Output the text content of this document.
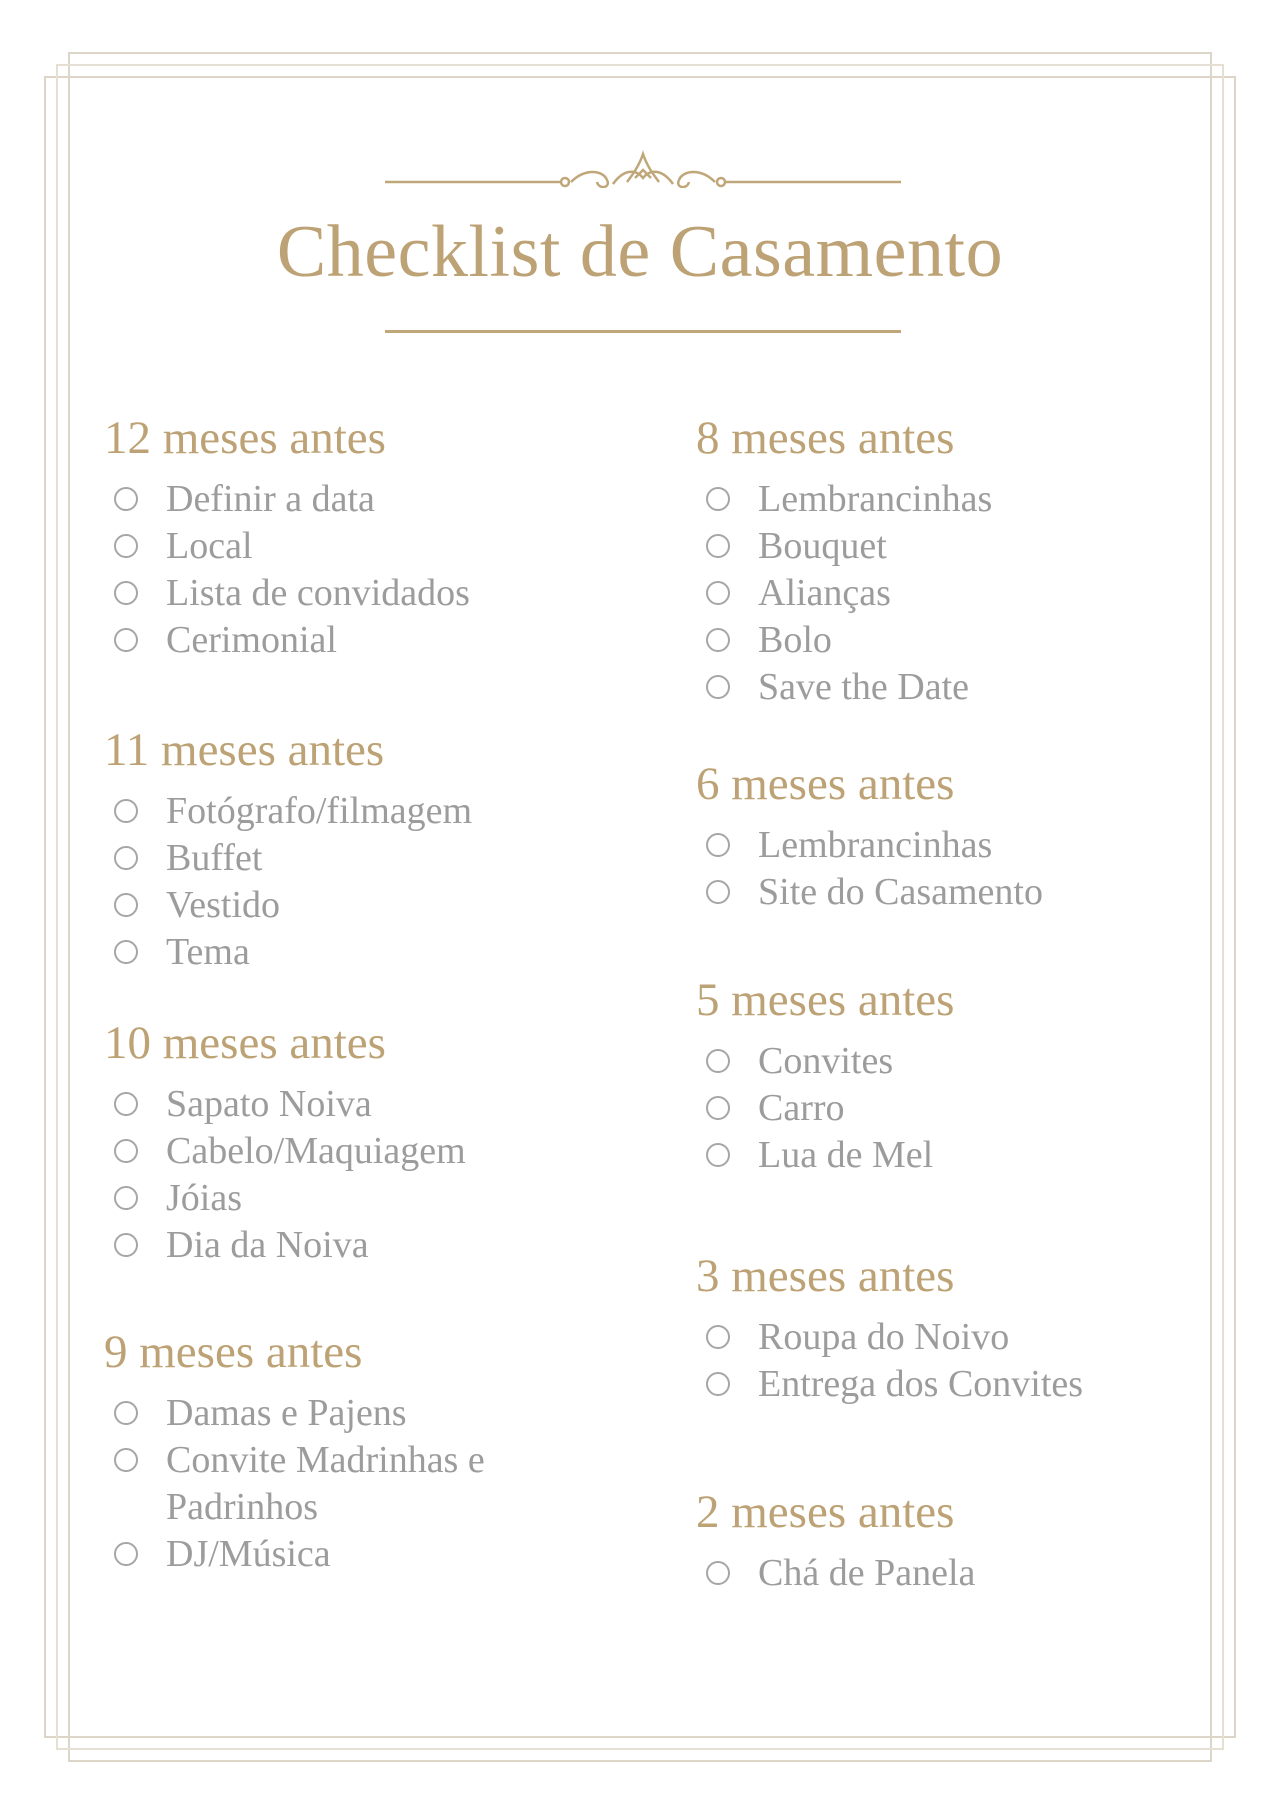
Checklist de Casamento
12 meses antes
Definir a data
Local
Lista de convidados
Cerimonial
11 meses antes
Fotógrafo/filmagem
Buffet
Vestido
Tema
10 meses antes
Sapato Noiva
Cabelo/Maquiagem
Jóias
Dia da Noiva
9 meses antes
Damas e Pajens
Convite Madrinhas e Padrinhos
DJ/Música
8 meses antes
Lembrancinhas
Bouquet
Alianças
Bolo
Save the Date
6 meses antes
Lembrancinhas
Site do Casamento
5 meses antes
Convites
Carro
Lua de Mel
3 meses antes
Roupa do Noivo
Entrega dos Convites
2 meses antes
Chá de Panela
